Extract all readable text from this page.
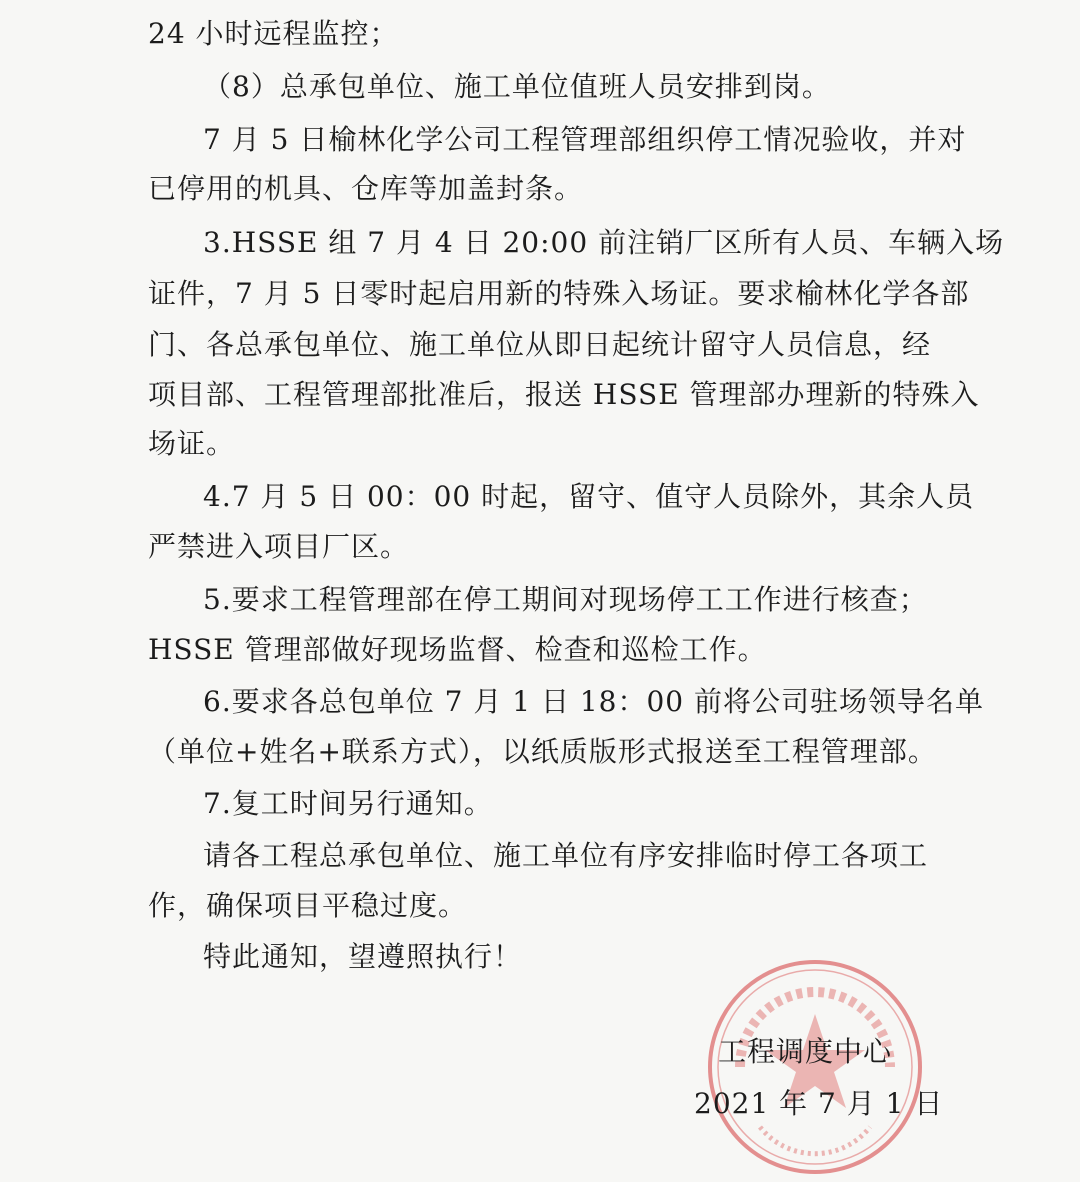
24 小时远程监控；
（8）总承包单位、施工单位值班人员安排到岗。
7 月 5 日榆林化学公司工程管理部组织停工情况验收，并对
已停用的机具、仓库等加盖封条。
3.HSSE 组 7 月 4 日 20:00 前注销厂区所有人员、车辆入场
证件，7 月 5 日零时起启用新的特殊入场证。要求榆林化学各部
门、各总承包单位、施工单位从即日起统计留守人员信息，经
项目部、工程管理部批准后，报送 HSSE 管理部办理新的特殊入
场证。
4.7 月 5 日 00：00 时起，留守、值守人员除外，其余人员
严禁进入项目厂区。
5.要求工程管理部在停工期间对现场停工工作进行核查；
HSSE 管理部做好现场监督、检查和巡检工作。
6.要求各总包单位 7 月 1 日 18：00 前将公司驻场领导名单
（单位+姓名+联系方式），以纸质版形式报送至工程管理部。
7.复工时间另行通知。
请各工程总承包单位、施工单位有序安排临时停工各项工
作，确保项目平稳过度。
特此通知，望遵照执行！
工程调度中心
2021 年 7 月 1 日
